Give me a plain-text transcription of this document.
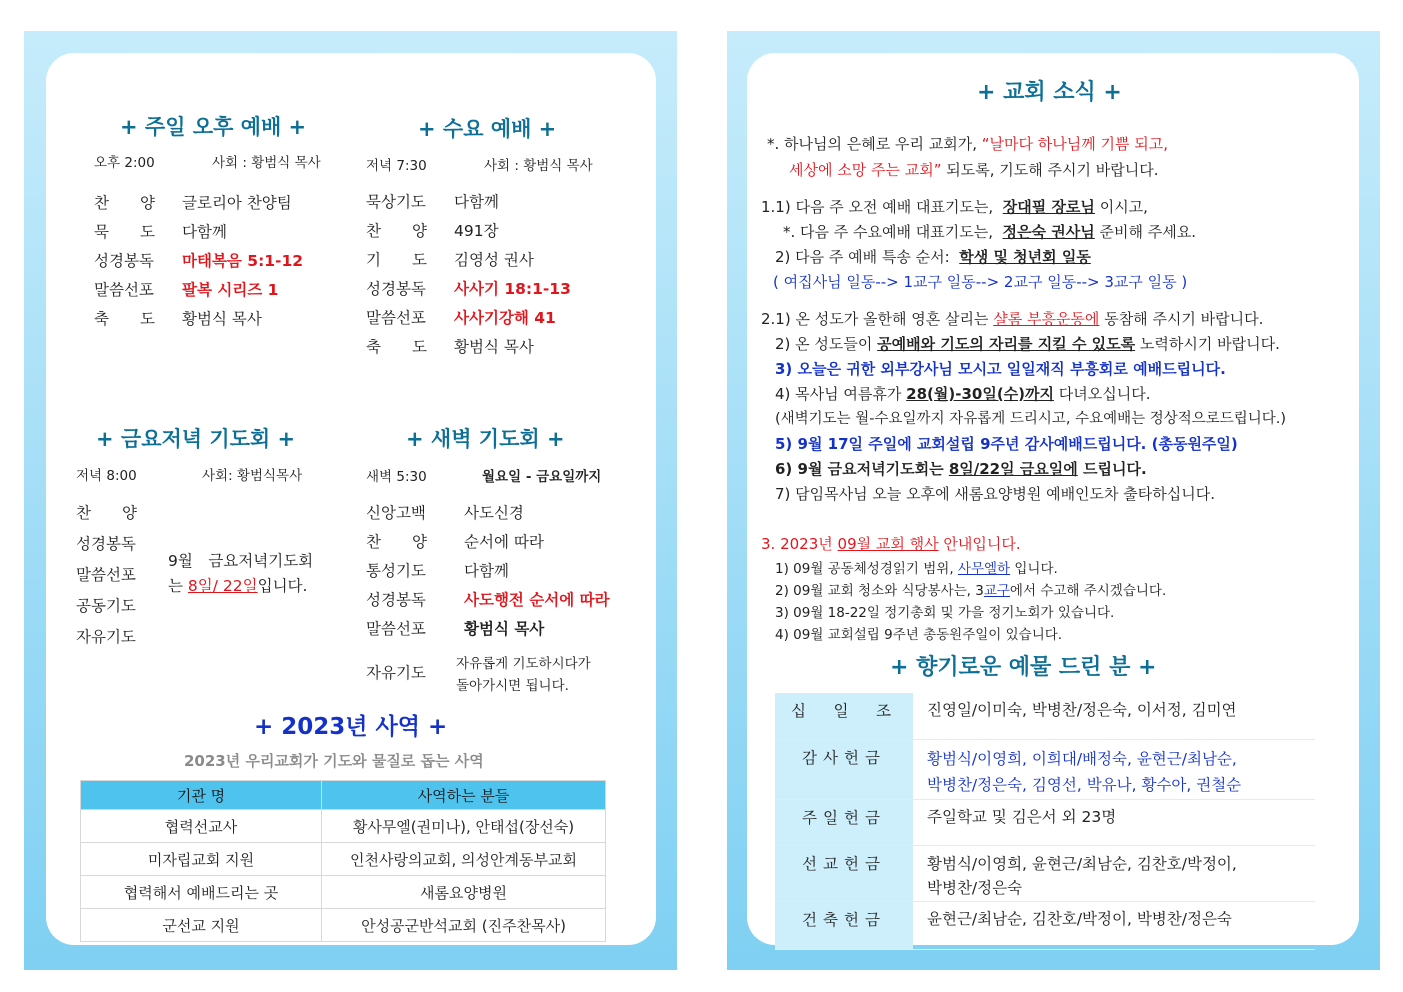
+ 주일 오후 예배 +
오후 2:00	사회 : 황범식 목사
찬　　양 글로리아 찬양팀
묵　　도 다함께
성경봉독 마태복음 5:1-12
말씀선포 팔복 시리즈 1
축　　도 황범식 목사
+ 수요 예배 +
저녁 7:30	사회 : 황범식 목사
묵상기도 다함께
찬　　양 491장
기　　도 김영성 권사
성경봉독 사사기 18:1-13
말씀선포 사사기강해 41
축　　도 황범식 목사
+ 금요저녁 기도회 +
저녁 8:00	사회: 황범식목사
찬　　양
성경봉독
말씀선포
공동기도
자유기도
9월　금요저녁기도회
는 8일/ 22일입니다.
+ 새벽 기도회 +
새벽 5:30	월요일 - 금요일까지
신앙고백 사도신경
찬　　양 순서에 따라
통성기도 다함께
성경봉독 사도행전 순서에 따라
말씀선포 황범식 목사
자유기도 자유롭게 기도하시다가
돌아가시면 됩니다.
+ 2023년 사역 +
2023년 우리교회가 기도와 물질로 돕는 사역
기관 명	사역하는 분들
협력선교사	황사무엘(권미나), 안태섭(장선숙)
미자립교회 지원	인천사랑의교회, 의성안계동부교회
협력해서 예배드리는 곳	새롬요양병원
군선교 지원	안성공군반석교회 (진주찬목사)
+ 교회 소식 +
*. 하나님의 은혜로 우리 교회가, “날마다 하나님께 기쁨 되고,
세상에 소망 주는 교회” 되도록, 기도해 주시기 바랍니다.
1.1) 다음 주 오전 예배 대표기도는, 장대필 장로님 이시고,
*. 다음 주 수요예배 대표기도는, 정은숙 권사님 준비해 주세요.
2) 다음 주 예배 특송 순서: 학생 및 청년회 일동
( 여집사님 일동--> 1교구 일동--> 2교구 일동--> 3교구 일동 )
2.1) 온 성도가 올한해 영혼 살리는 샬롬 부흥운동에 동참해 주시기 바랍니다.
2) 온 성도들이 공예배와 기도의 자리를 지킬 수 있도록 노력하시기 바랍니다.
3) 오늘은 귀한 외부강사님 모시고 일일재직 부흥회로 예배드립니다.
4) 목사님 여름휴가 28(월)-30일(수)까지 다녀오십니다.
(새벽기도는 월-수요일까지 자유롭게 드리시고, 수요예배는 정상적으로드립니다.)
5) 9월 17일 주일에 교회설립 9주년 감사예배드립니다. (총동원주일)
6) 9월 금요저녁기도회는 8일/22일 금요일에 드립니다.
7) 담임목사님 오늘 오후에 새롬요양병원 예배인도차 출타하십니다.
3. 2023년 09월 교회 행사 안내입니다.
1) 09월 공동체성경읽기 범위, 사무엘하 입니다.
2) 09월 교회 청소와 식당봉사는, 3교구에서 수고해 주시겠습니다.
3) 09월 18-22일 정기총회 및 가을 정기노회가 있습니다.
4) 09월 교회설립 9주년 총동원주일이 있습니다.
+ 향기로운 예물 드린 분 +
십　일　조	진영일/이미숙, 박병찬/정은숙, 이서정, 김미연

감사헌금	황범식/이영희, 이희대/배정숙, 윤현근/최남순,
박병찬/정은숙, 김영선, 박유나, 황수아, 권철순

주일헌금	주일학교 및 김은서 외 23명

선교헌금	황범식/이영희, 윤현근/최남순, 김찬호/박정이,
박병찬/정은숙

건축헌금	윤현근/최남순, 김찬호/박정이, 박병찬/정은숙
